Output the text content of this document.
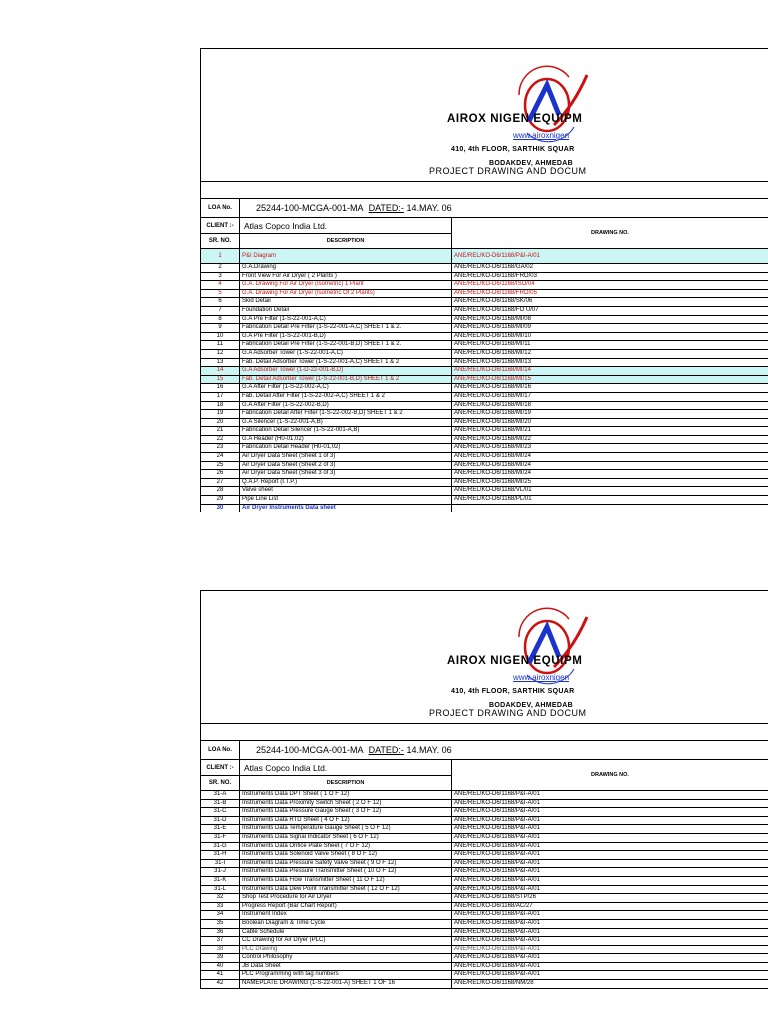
AIROX NIGEN EQUIPM
www.airoxnigen
410, 4th FLOOR, SARTHIK SQUAR
BODAKDEV, AHMEDAB
PROJECT DRAWING AND DOCUM
LOA No.	25244-100-MCGA-001-MA DATED:- 14.MAY. 06
CLIENT :-	Atlas Copco India Ltd.
SR. NO.	DESCRIPTION
DRAWING NO.
1	P&I Diagram	ANE/REL/KO-D6/1168/P&I-A/01
2	G.A.Drawing	ANE/REL/KO-D6/1168/GA/02
3	Front View For Air Dryer ( 2 Plants )	ANE/REL/KO-D6/1168/FRO/03
4	G.A. Drawing For Air Dryer (Isometric) 1 Plant	ANE/REL/KO-D6/1168/ISO/04
5	G.A. Drawing For Air Dryer (Isometric Of 2 Plants)	ANE/REL/KO-D6/1168/FRO/05
6	Skid Detail	ANE/REL/KO-D6/1168/SK/06
7	Foundation Detail	ANE/REL/KO-D6/1168/FO U/07
8	G.A Pre Filter (1-S-22-001-A,C)	ANE/REL/KO-D6/1168/MI/08
9	Fabrication Detail Pre Filter (1-S-22-001-A,C) SHEET 1 & 2.	ANE/REL/KO-D6/1168/MI/09
10	G.A Pre Filter (1-S-22-001-B,D)	ANE/REL/KO-D6/1168/MI/10
11	Fabrication Detail Pre Filter (1-S-22-001-B,D) SHEET 1 & 2.	ANE/REL/KO-D6/1168/MI/11
12	G.A Adsorber Tower (1-S-22-001-A,C)	ANE/REL/KO-D6/1168/MI/12
13	Fab. Detail Adsorber Tower (1-S-22-001-A,C) SHEET 1 & 2	ANE/REL/KO-D6/1168/MI/13
14	G.A Adsorber Tower (1-D-22-001-B,D)	ANE/REL/KO-D6/1168/MI/14
15	Fab. Detail Adsorber Tower (1-S-22-001-B,D) SHEET 1 & 2	ANE/REL/KO-D6/1168/MI/15
16	G.A After Filter (1-S-22-002-A,C)	ANE/REL/KO-D6/1168/MI/16
17	Fab. Detail After Filter (1-S-22-002-A,C) SHEET 1 & 2	ANE/REL/KO-D6/1168/MI/17
18	G.A After Filter (1-S-22-002-B,D)	ANE/REL/KO-D6/1168/MI/18
19	Fabrication Detail After Filter (1-S-22-002-B,D) SHEET 1 & 2	ANE/REL/KO-D6/1168/MI/19
20	G.A Silencer (1-S-22-001-A,B)	ANE/REL/KO-D6/1168/MI/20
21	Fabrication Detail Silencer (1-S-22-001-A,B)	ANE/REL/KO-D6/1168/MI/21
22	G.A Header (H0-01,02)	ANE/REL/KO-D6/1168/MI/22
23	Fabrication Detail Header (H0-01,02)	ANE/REL/KO-D6/1168/MI/23
24	Air Dryer Data Sheet (Sheet 1 of 3)	ANE/REL/KO-D6/1168/MI/24
25	Air Dryer Data Sheet (Sheet 2 of 3)	ANE/REL/KO-D6/1168/MI/24
26	Air Dryer Data Sheet (Sheet 3 of 3)	ANE/REL/KO-D6/1168/MI/24
27	Q.A.P. Report (I.T.P.)	ANE/REL/KO-D6/1168/MI/25
28	Valve sheet	ANE/REL/KO-D6/1168/VL/01
29	Pipe Line List	ANE/REL/KO-D6/1168/PL/01
30	Air Dryer Instruments Data sheet
AIROX NIGEN EQUIPM
www.airoxnigen
410, 4th FLOOR, SARTHIK SQUAR
BODAKDEV, AHMEDAB
PROJECT DRAWING AND DOCUM
LOA No.	25244-100-MCGA-001-MA DATED:- 14.MAY. 06
CLIENT :-	Atlas Copco India Ltd.
SR. NO.	DESCRIPTION
DRAWING NO.
31-A	Instruments Data DPT Sheet ( 1 O F 12)	ANE/REL/KO-D6/1168/P&I-A/01
31-B	Instruments Data Proximity Switch Sheet ( 2 O F 12)	ANE/REL/KO-D6/1168/P&I-A/01
31-C	Instruments Data Pressure Gauge Sheet ( 3 O F 12)	ANE/REL/KO-D6/1168/P&I-A/01
31-D	Instruments Data RTD Sheet ( 4 O F 12)	ANE/REL/KO-D6/1168/P&I-A/01
31-E	Instruments Data Temperature Gauge Sheet ( 5 O F 12)	ANE/REL/KO-D6/1168/P&I-A/01
31-F	Instruments Data Signal Indicator Sheet ( 6 O F 12)	ANE/REL/KO-D6/1168/P&I-A/01
31-G	Instruments Data Orifice Plate Sheet ( 7 O F 12)	ANE/REL/KO-D6/1168/P&I-A/01
31-H	Instruments Data Solenoid Valve Sheet ( 8 O F 12)	ANE/REL/KO-D6/1168/P&I-A/01
31-I	Instruments Data Pressure Safety Valve Sheet ( 9 O F 12)	ANE/REL/KO-D6/1168/P&I-A/01
31-J	Instruments Data Pressure Transmitter Sheet ( 10 O F 12)	ANE/REL/KO-D6/1168/P&I-A/01
31-K	Instruments Data Flow Transmitter Sheet ( 11 O F 12)	ANE/REL/KO-D6/1168/P&I-A/01
31-L	Instruments Data Dew Point Transmitter Sheet ( 12 O F 12)	ANE/REL/KO-D6/1168/P&I-A/01
32	Shop Test Procedure for Air Dryer	ANE/REL/KO-D6/1168/STP/26
33	Progress Report (Bar Chart Report)	ANE/REL/KO-D6/1168/AC/27
34	Instrument Index	ANE/REL/KO-D6/1168/P&I-A/01
35	Boolean Diagram & Time Cycle	ANE/REL/KO-D6/1168/P&I-A/01
36	Cable Schedule	ANE/REL/KO-D6/1168/P&I-A/01
37	CC Drawing for Air Dryer (PLC)	ANE/REL/KO-D6/1168/P&I-A/01
38	PLC Drawing	ANE/REL/KO-D6/1168/P&I-A/01
39	Control Philosophy	ANE/REL/KO-D6/1168/P&I-A/01
40	JB Data Sheet	ANE/REL/KO-D6/1168/P&I-A/01
41	PLC Programming with tag numbers	ANE/REL/KO-D6/1168/P&I-A/01
42	NAMEPLATE DRAWING (1-S-22-001-A) SHEET 1 OF 16	ANE/REL/KO-D6/1168/NM/28
